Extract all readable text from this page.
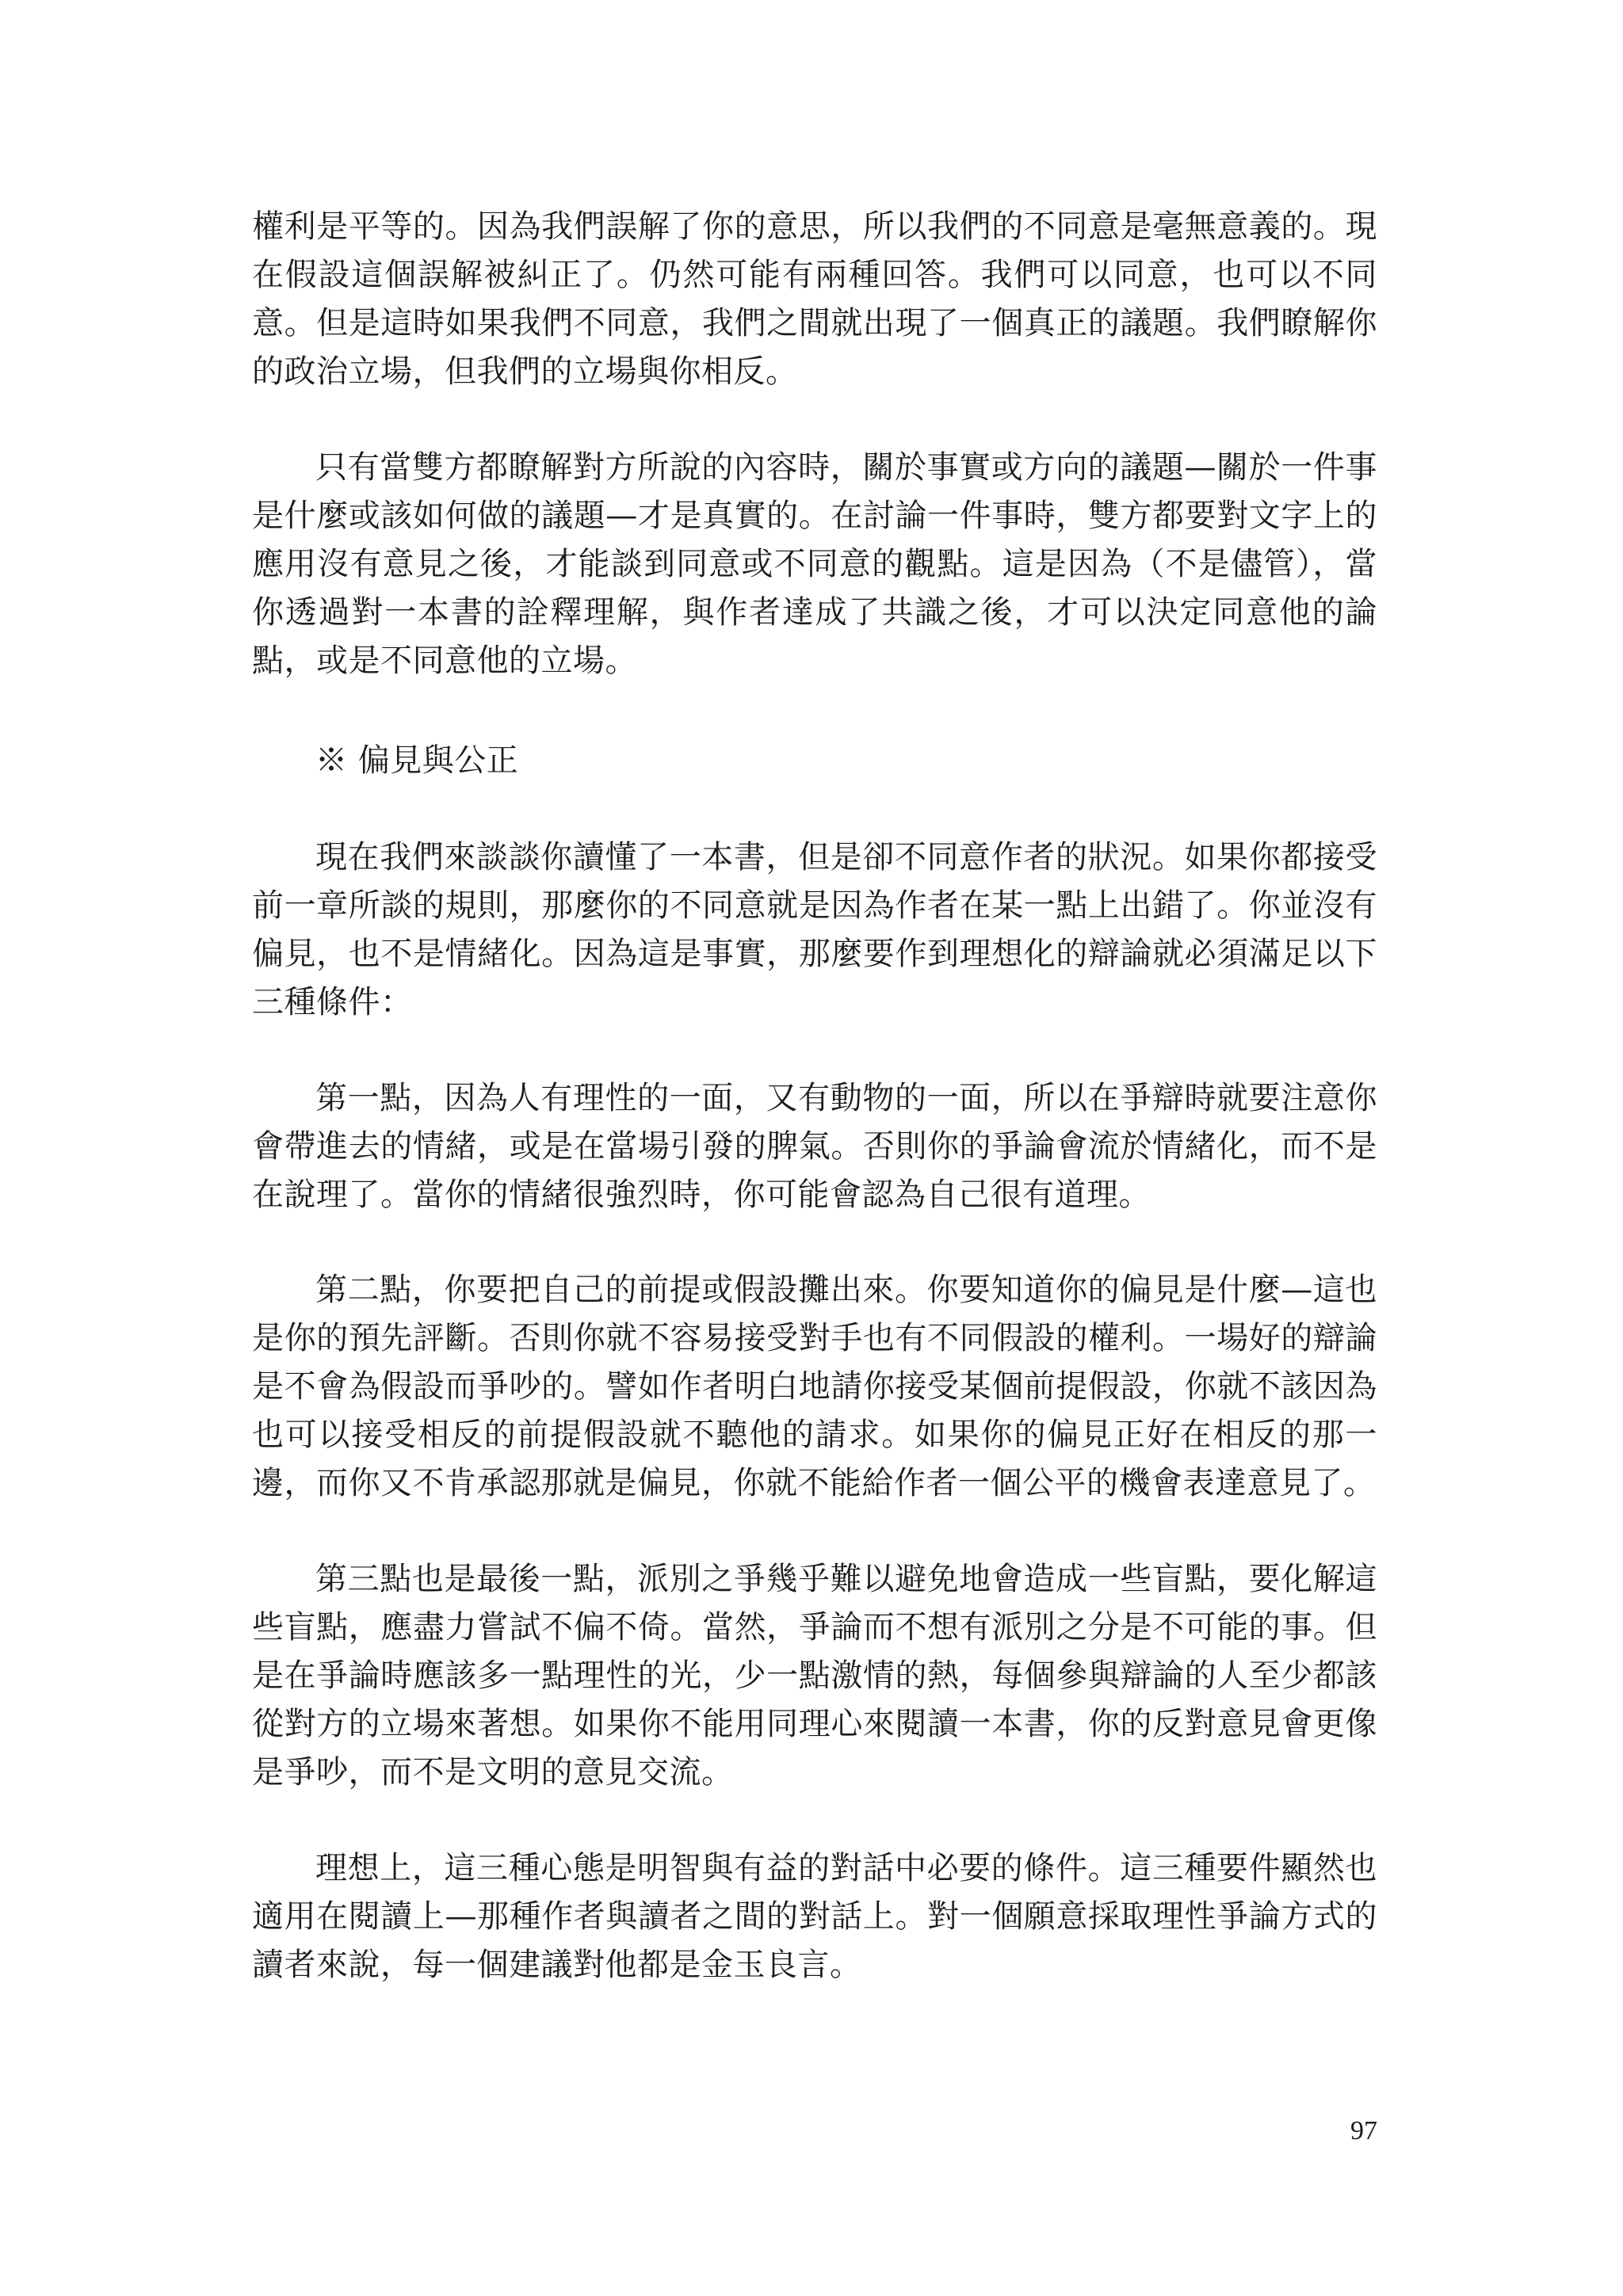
權利是平等的。因為我們誤解了你的意思，所以我們的不同意是毫無意義的。現在假設這個誤解被糾正了。仍然可能有兩種回答。我們可以同意，也可以不同意。但是這時如果我們不同意，我們之間就出現了一個真正的議題。我們瞭解你的政治立場，但我們的立場與你相反。

只有當雙方都瞭解對方所說的內容時，關於事實或方向的議題—關於一件事是什麼或該如何做的議題—才是真實的。在討論一件事時，雙方都要對文字上的應用沒有意見之後，才能談到同意或不同意的觀點。這是因為（不是儘管），當你透過對一本書的詮釋理解，與作者達成了共識之後，才可以決定同意他的論點，或是不同意他的立場。

※ 偏見與公正

現在我們來談談你讀懂了一本書，但是卻不同意作者的狀況。如果你都接受前一章所談的規則，那麼你的不同意就是因為作者在某一點上出錯了。你並沒有偏見，也不是情緒化。因為這是事實，那麼要作到理想化的辯論就必須滿足以下三種條件：

第一點，因為人有理性的一面，又有動物的一面，所以在爭辯時就要注意你會帶進去的情緒，或是在當場引發的脾氣。否則你的爭論會流於情緒化，而不是在說理了。當你的情緒很強烈時，你可能會認為自己很有道理。

第二點，你要把自己的前提或假設攤出來。你要知道你的偏見是什麼—這也是你的預先評斷。否則你就不容易接受對手也有不同假設的權利。一場好的辯論是不會為假設而爭吵的。譬如作者明白地請你接受某個前提假設，你就不該因為也可以接受相反的前提假設就不聽他的請求。如果你的偏見正好在相反的那一邊，而你又不肯承認那就是偏見，你就不能給作者一個公平的機會表達意見了。

第三點也是最後一點，派別之爭幾乎難以避免地會造成一些盲點，要化解這些盲點，應盡力嘗試不偏不倚。當然，爭論而不想有派別之分是不可能的事。但是在爭論時應該多一點理性的光，少一點激情的熱，每個參與辯論的人至少都該從對方的立場來著想。如果你不能用同理心來閱讀一本書，你的反對意見會更像是爭吵，而不是文明的意見交流。

理想上，這三種心態是明智與有益的對話中必要的條件。這三種要件顯然也適用在閱讀上—那種作者與讀者之間的對話上。對一個願意採取理性爭論方式的讀者來說，每一個建議對他都是金玉良言。

97
